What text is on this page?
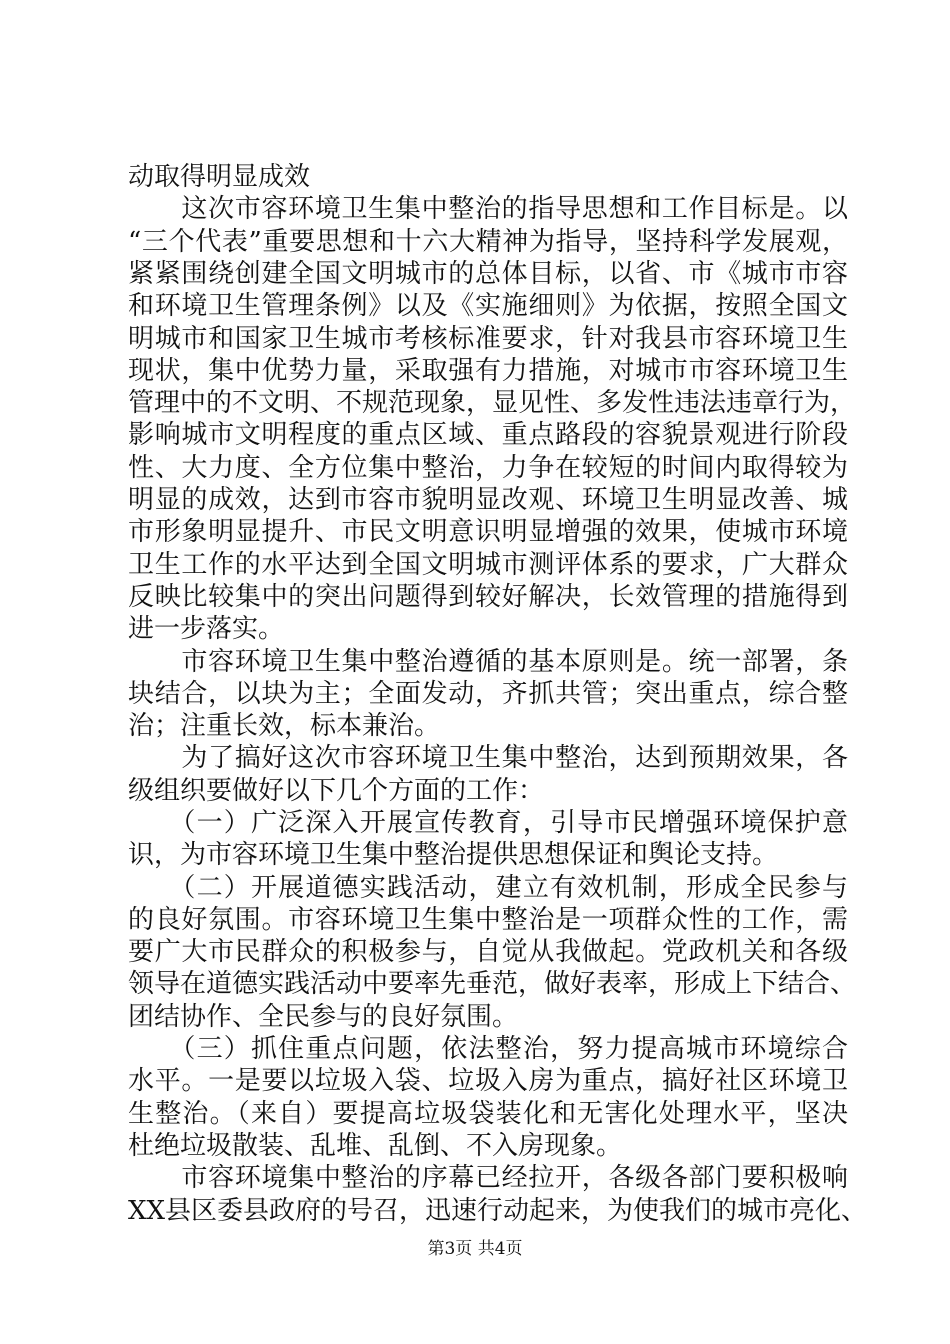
动取得明显成效
　　这次市容环境卫生集中整治的指导思想和工作目标是。以
“三个代表”重要思想和十六大精神为指导，坚持科学发展观，
紧紧围绕创建全国文明城市的总体目标，以省、市《城市市容
和环境卫生管理条例》以及《实施细则》为依据，按照全国文
明城市和国家卫生城市考核标准要求，针对我县市容环境卫生
现状，集中优势力量，采取强有力措施，对城市市容环境卫生
管理中的不文明、不规范现象，显见性、多发性违法违章行为，
影响城市文明程度的重点区域、重点路段的容貌景观进行阶段
性、大力度、全方位集中整治，力争在较短的时间内取得较为
明显的成效，达到市容市貌明显改观、环境卫生明显改善、城
市形象明显提升、市民文明意识明显增强的效果，使城市环境
卫生工作的水平达到全国文明城市测评体系的要求，广大群众
反映比较集中的突出问题得到较好解决，长效管理的措施得到
进一步落实。
　　市容环境卫生集中整治遵循的基本原则是。统一部署，条
块结合，以块为主；全面发动，齐抓共管；突出重点，综合整
治；注重长效，标本兼治。
　　为了搞好这次市容环境卫生集中整治，达到预期效果，各
级组织要做好以下几个方面的工作：
　　（一）广泛深入开展宣传教育，引导市民增强环境保护意
识，为市容环境卫生集中整治提供思想保证和舆论支持。
　　（二）开展道德实践活动，建立有效机制，形成全民参与
的良好氛围。市容环境卫生集中整治是一项群众性的工作，需
要广大市民群众的积极参与，自觉从我做起。党政机关和各级
领导在道德实践活动中要率先垂范，做好表率，形成上下结合、
团结协作、全民参与的良好氛围。
　　（三）抓住重点问题，依法整治，努力提高城市环境综合
水平。一是要以垃圾入袋、垃圾入房为重点，搞好社区环境卫
生整治。（来自）要提高垃圾袋装化和无害化处理水平，坚决
杜绝垃圾散装、乱堆、乱倒、不入房现象。
　　市容环境集中整治的序幕已经拉开，各级各部门要积极响
XX县区委县政府的号召，迅速行动起来，为使我们的城市亮化、
第3页 共4页
